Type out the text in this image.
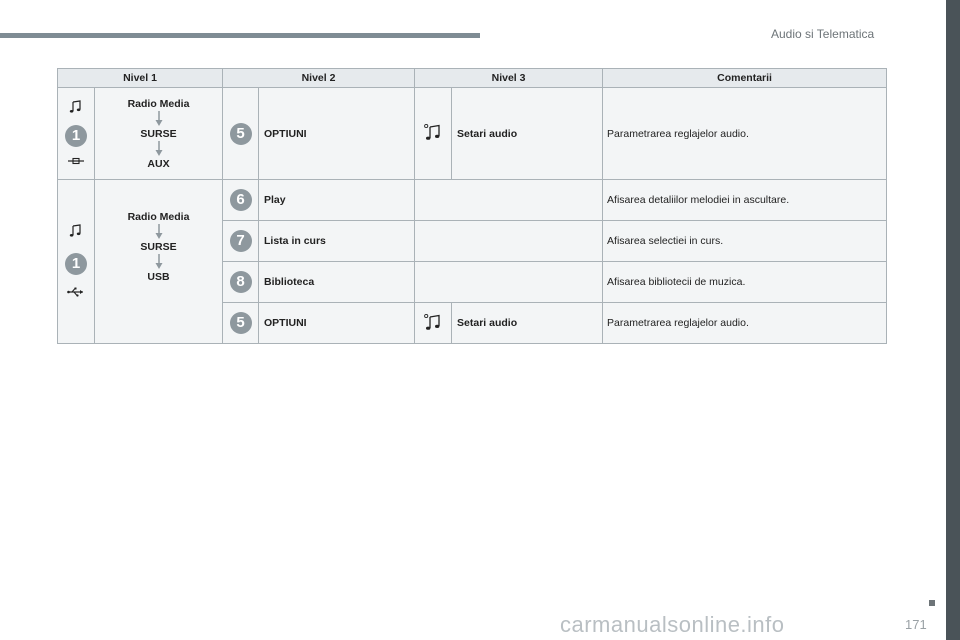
Audio si Telematica
Nivel 1		Nivel 2		Nivel 3		Comentarii

1	Radio Media
SURSE
AUX	5	OPTIUNI		Setari audio	Parametrarea reglajelor audio.

1	Radio Media
SURSE
USB	6	Play			Afisarea detaliilor melodiei in ascultare.
		7	Lista in curs			Afisarea selectiei in curs.
		8	Biblioteca			Afisarea bibliotecii de muzica.
		5	OPTIUNI		Setari audio	Parametrarea reglajelor audio.
carmanualsonline.info	171
